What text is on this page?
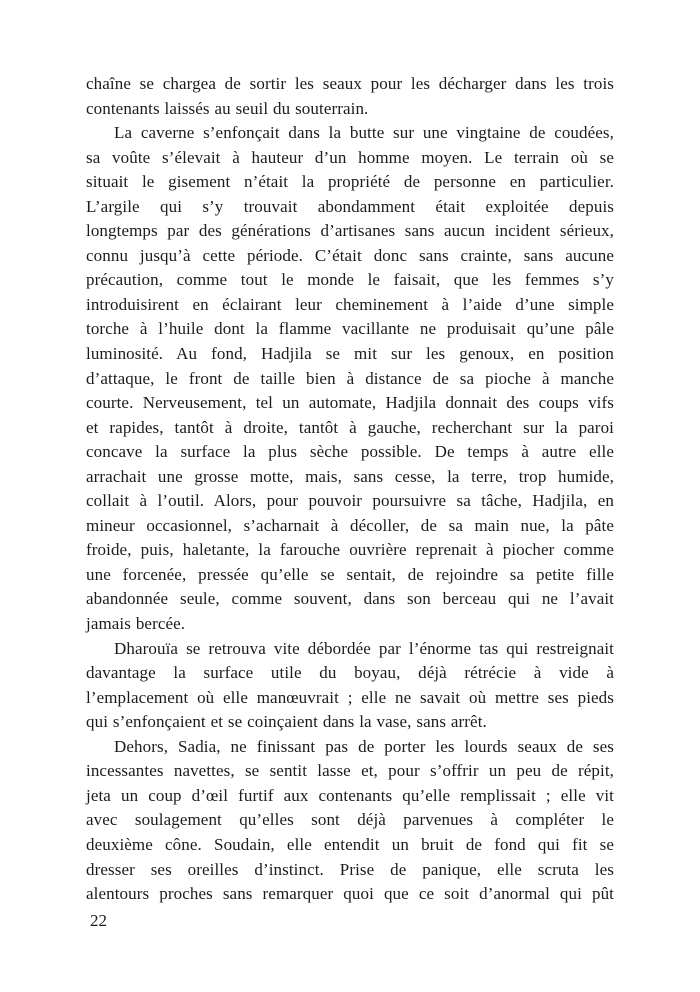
chaîne se chargea de sortir les seaux pour les décharger dans les trois
contenants laissés au seuil du souterrain.
La caverne s’enfonçait dans la butte sur une vingtaine de coudées,
sa voûte s’élevait à hauteur d’un homme moyen. Le terrain où se
situait le gisement n’était la propriété de personne en particulier.
L’argile qui s’y trouvait abondamment était exploitée depuis
longtemps par des générations d’artisanes sans aucun incident sérieux,
connu jusqu’à cette période. C’était donc sans crainte, sans aucune
précaution, comme tout le monde le faisait, que les femmes s’y
introduisirent en éclairant leur cheminement à l’aide d’une simple
torche à l’huile dont la flamme vacillante ne produisait qu’une pâle
luminosité. Au fond, Hadjila se mit sur les genoux, en position
d’attaque, le front de taille bien à distance de sa pioche à manche
courte. Nerveusement, tel un automate, Hadjila donnait des coups vifs
et rapides, tantôt à droite, tantôt à gauche, recherchant sur la paroi
concave la surface la plus sèche possible. De temps à autre elle
arrachait une grosse motte, mais, sans cesse, la terre, trop humide,
collait à l’outil. Alors, pour pouvoir poursuivre sa tâche, Hadjila, en
mineur occasionnel, s’acharnait à décoller, de sa main nue, la pâte
froide, puis, haletante, la farouche ouvrière reprenait à piocher comme
une forcenée, pressée qu’elle se sentait, de rejoindre sa petite fille
abandonnée seule, comme souvent, dans son berceau qui ne l’avait
jamais bercée.
Dharouïa se retrouva vite débordée par l’énorme tas qui restreignait
davantage la surface utile du boyau, déjà rétrécie à vide à
l’emplacement où elle manœuvrait ; elle ne savait où mettre ses pieds
qui s’enfonçaient et se coinçaient dans la vase, sans arrêt.
Dehors, Sadia, ne finissant pas de porter les lourds seaux de ses
incessantes navettes, se sentit lasse et, pour s’offrir un peu de répit,
jeta un coup d’œil furtif aux contenants qu’elle remplissait ; elle vit
avec soulagement qu’elles sont déjà parvenues à compléter le
deuxième cône. Soudain, elle entendit un bruit de fond qui fit se
dresser ses oreilles d’instinct. Prise de panique, elle scruta les
alentours proches sans remarquer quoi que ce soit d’anormal qui pût
22
